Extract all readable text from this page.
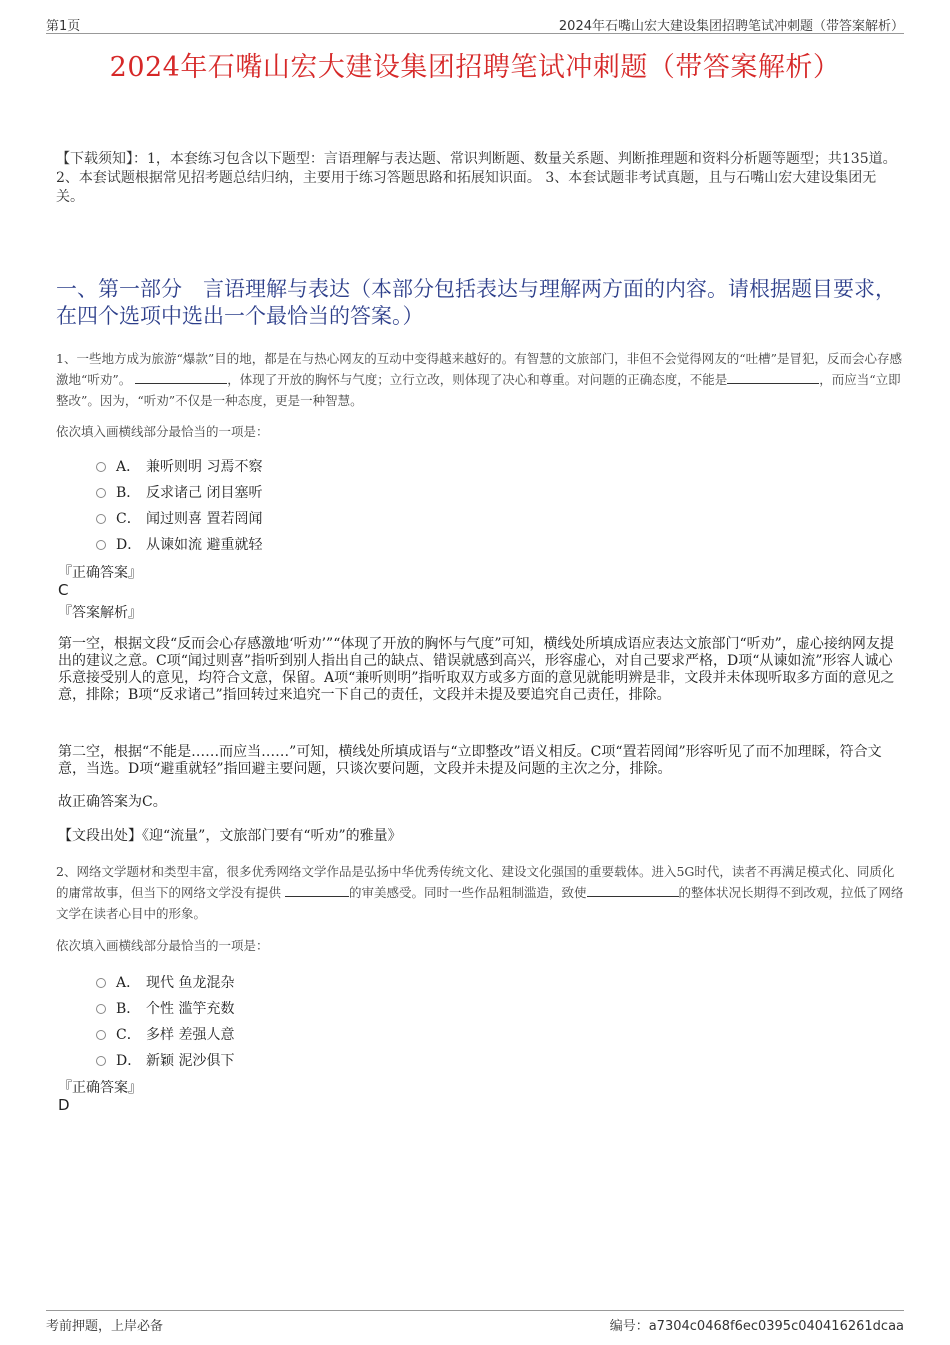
第1页	2024年石嘴山宏大建设集团招聘笔试冲刺题（带答案解析）
2024年石嘴山宏大建设集团招聘笔试冲刺题（带答案解析）
【下载须知】：1，本套练习包含以下题型：言语理解与表达题、常识判断题、数量关系题、判断推理题和资料分析题等题型；共135道。 2、本套试题根据常见招考题总结归纳，主要用于练习答题思路和拓展知识面。 3、本套试题非考试真题，且与石嘴山宏大建设集团无关。
一、第一部分　言语理解与表达（本部分包括表达与理解两方面的内容。请根据题目要求，在四个选项中选出一个最恰当的答案。）
1、一些地方成为旅游“爆款”目的地，都是在与热心网友的互动中变得越来越好的。有智慧的文旅部门，非但不会觉得网友的“吐槽”是冒犯，反而会心存感激地“听劝”。	，体现了开放的胸怀与气度；立行立改，则体现了决心和尊重。对问题的正确态度，不能是	，而应当“立即整改”。因为，“听劝”不仅是一种态度，更是一种智慧。
依次填入画横线部分最恰当的一项是：
A． 兼听则明 习焉不察
B． 反求诸己 闭目塞听
C． 闻过则喜 置若罔闻
D． 从谏如流 避重就轻
『正确答案』
C
『答案解析』
第一空，根据文段“反而会心存感激地‘听劝’”“体现了开放的胸怀与气度”可知，横线处所填成语应表达文旅部门“听劝”，虚心接纳网友提出的建议之意。C项“闻过则喜”指听到别人指出自己的缺点、错误就感到高兴，形容虚心，对自己要求严格，D项“从谏如流”形容人诚心乐意接受别人的意见，均符合文意，保留。A项“兼听则明”指听取双方或多方面的意见就能明辨是非，文段并未体现听取多方面的意见之意，排除；B项“反求诸己”指回转过来追究一下自己的责任，文段并未提及要追究自己责任，排除。
第二空，根据“不能是……而应当……”可知，横线处所填成语与“立即整改”语义相反。C项“置若罔闻”形容听见了而不加理睬，符合文意，当选。D项“避重就轻”指回避主要问题，只谈次要问题，文段并未提及问题的主次之分，排除。
故正确答案为C。
【文段出处】《迎“流量”，文旅部门要有“听劝”的雅量》
2、网络文学题材和类型丰富，很多优秀网络文学作品是弘扬中华优秀传统文化、建设文化强国的重要载体。进入5G时代，读者不再满足模式化、同质化的庸常故事，但当下的网络文学没有提供	的审美感受。同时一些作品粗制滥造，致使	的整体状况长期得不到改观，拉低了网络文学在读者心目中的形象。
依次填入画横线部分最恰当的一项是：
A． 现代 鱼龙混杂
B． 个性 滥竽充数
C． 多样 差强人意
D． 新颖 泥沙俱下
『正确答案』
D
考前押题，上岸必备	编号：a7304c0468f6ec0395c040416261dcaa
